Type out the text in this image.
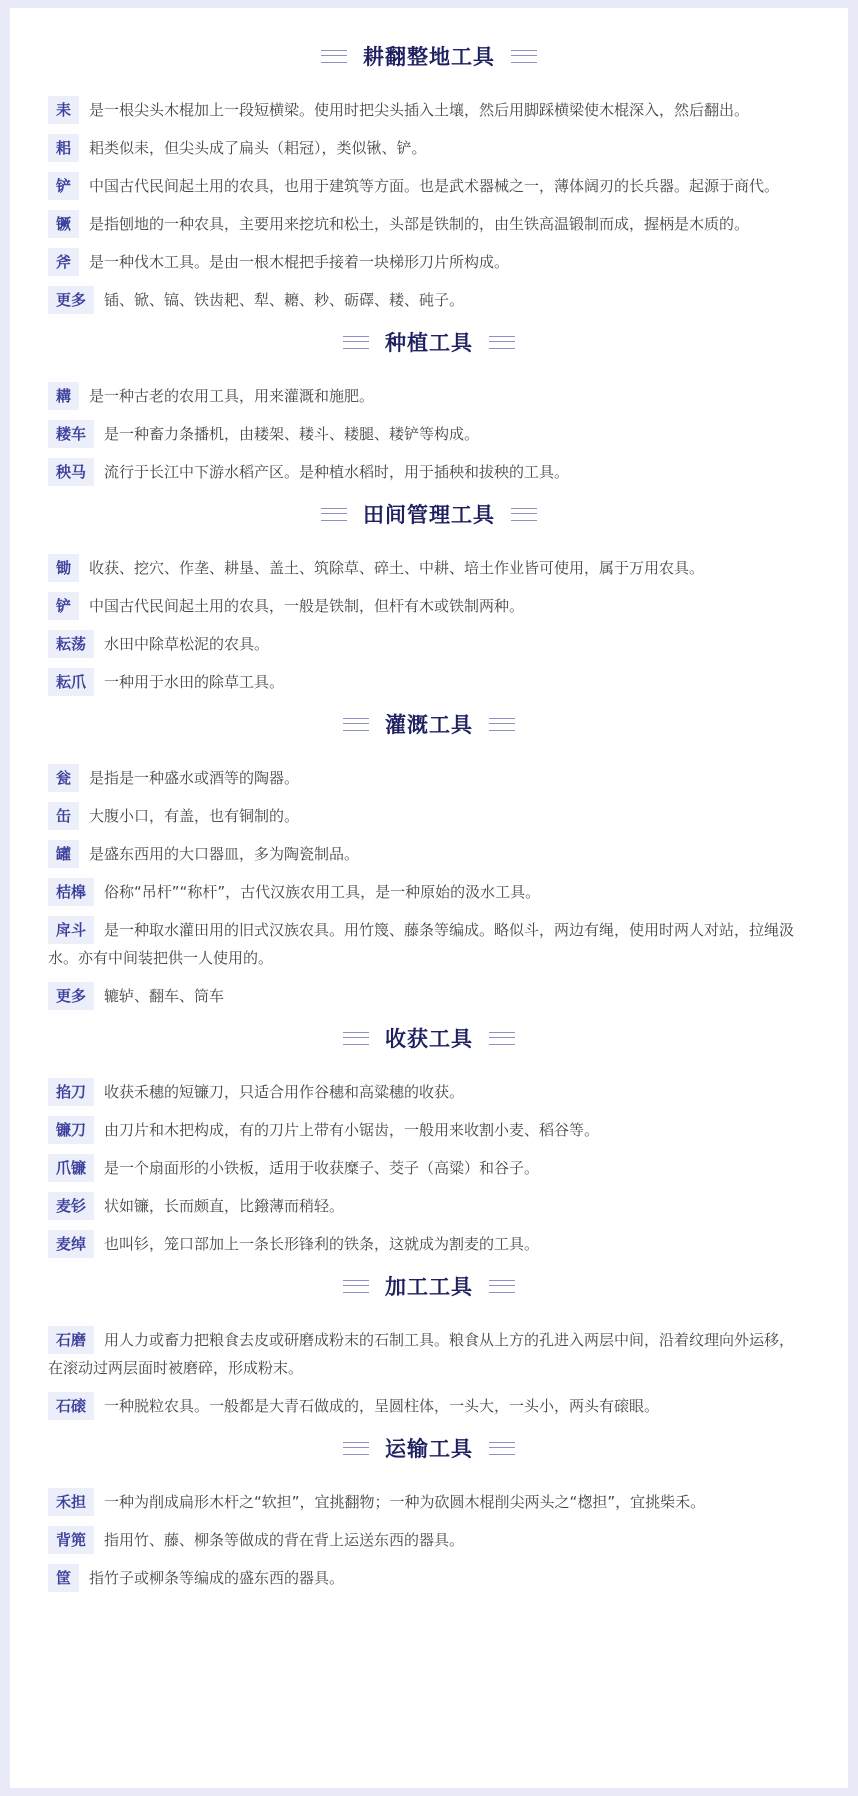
耕翻整地工具
耒 是一根尖头木棍加上一段短横梁。使用时把尖头插入土壤，然后用脚踩横梁使木棍深入，然后翻出。
耜 耜类似耒，但尖头成了扁头（耜冠），类似锹、铲。
铲 中国古代民间起土用的农具，也用于建筑等方面。也是武术器械之一，薄体阔刃的长兵器。起源于商代。
镢 是指刨地的一种农具，主要用来挖坑和松土，头部是铁制的，由生铁高温锻制而成，握柄是木质的。
斧 是一种伐木工具。是由一根木棍把手接着一块梯形刀片所构成。
更多 锸、锨、镐、铁齿耙、犁、耱、耖、砺礋、耧、砘子。
种植工具
耩 是一种古老的农用工具，用来灌溉和施肥。
耧车 是一种畜力条播机，由耧架、耧斗、耧腿、耧铲等构成。
秧马 流行于长江中下游水稻产区。是种植水稻时，用于插秧和拔秧的工具。
田间管理工具
锄 收获、挖穴、作垄、耕垦、盖土、筑除草、碎土、中耕、培土作业皆可使用，属于万用农具。
铲 中国古代民间起土用的农具，一般是铁制，但杆有木或铁制两种。
耘荡 水田中除草松泥的农具。
耘爪 一种用于水田的除草工具。
灌溉工具
瓮 是指是一种盛水或酒等的陶器。
缶 大腹小口，有盖，也有铜制的。
罐 是盛东西用的大口器皿，多为陶瓷制品。
桔槔 俗称“吊杆”“称杆”，古代汉族农用工具，是一种原始的汲水工具。
戽斗 是一种取水灌田用的旧式汉族农具。用竹篾、藤条等编成。略似斗，两边有绳，使用时两人对站，拉绳汲水。亦有中间装把供一人使用的。
更多 辘轳、翻车、筒车
收获工具
掐刀 收获禾穗的短镰刀，只适合用作谷穗和高粱穗的收获。
镰刀 由刀片和木把构成，有的刀片上带有小锯齿，一般用来收割小麦、稻谷等。
爪镰 是一个扇面形的小铁板，适用于收获糜子、茭子（高粱）和谷子。
麦钐 状如镰，长而颇直，比鏺薄而稍轻。
麦绰 也叫钐，笼口部加上一条长形锋利的铁条，这就成为割麦的工具。
加工工具
石磨 用人力或畜力把粮食去皮或研磨成粉末的石制工具。粮食从上方的孔进入两层中间，沿着纹理向外运移，在滚动过两层面时被磨碎，形成粉末。
石磙 一种脱粒农具。一般都是大青石做成的，呈圆柱体，一头大，一头小，两头有磙眼。
运输工具
禾担 一种为削成扁形木杆之“软担”，宜挑翻物；一种为砍圆木棍削尖两头之“楤担”，宜挑柴禾。
背篼 指用竹、藤、柳条等做成的背在背上运送东西的器具。
筐 指竹子或柳条等编成的盛东西的器具。
